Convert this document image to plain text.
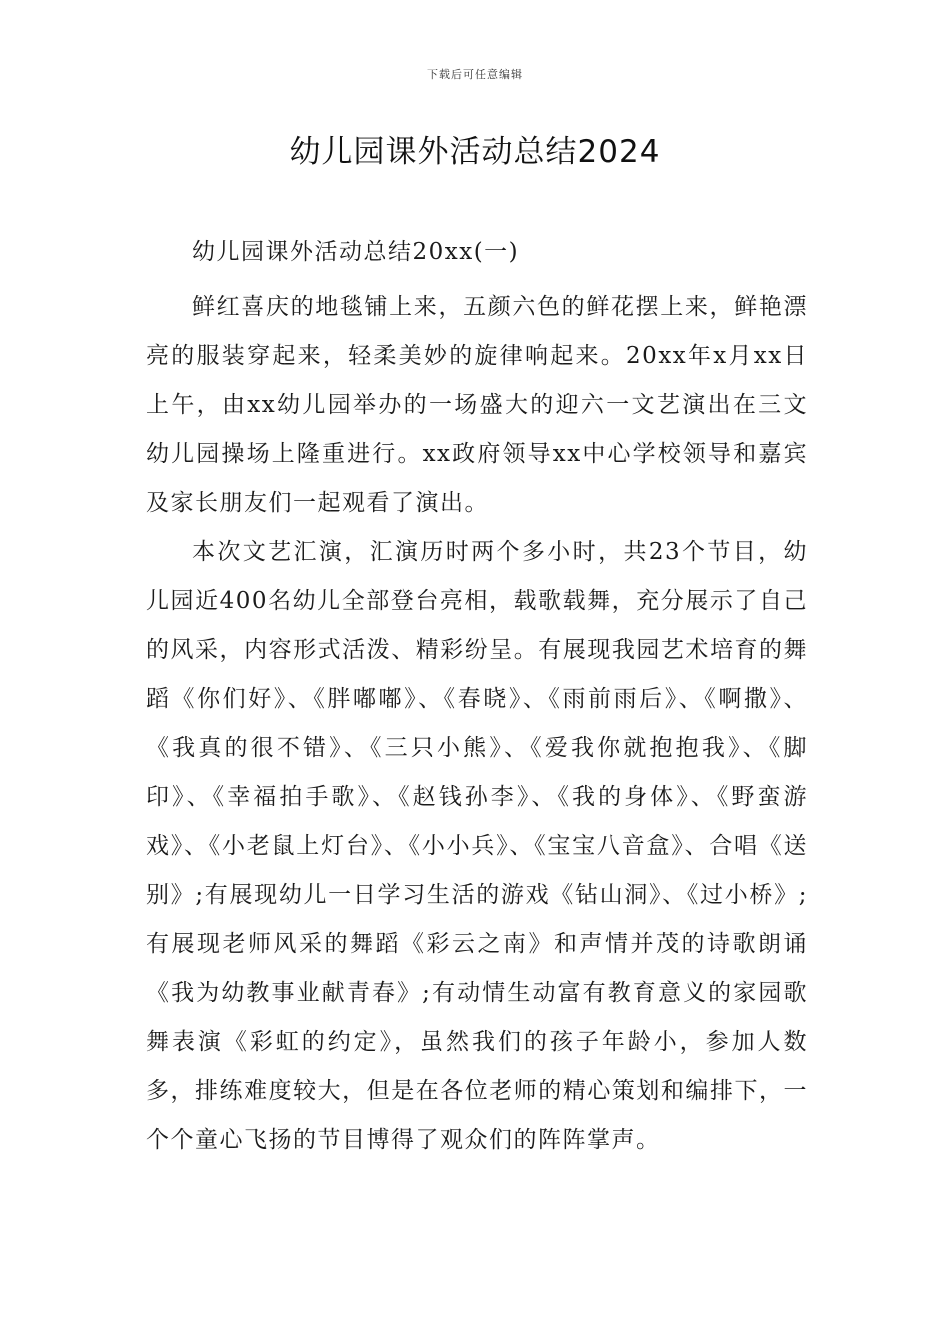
下载后可任意编辑
幼儿园课外活动总结2024

幼儿园课外活动总结20xx(一)

鲜红喜庆的地毯铺上来，五颜六色的鲜花摆上来，鲜艳漂亮的服装穿起来，轻柔美妙的旋律响起来。20xx年x月xx日上午，由xx幼儿园举办的一场盛大的迎六一文艺演出在三文幼儿园操场上隆重进行。xx政府领导xx中心学校领导和嘉宾及家长朋友们一起观看了演出。

本次文艺汇演，汇演历时两个多小时，共23个节目，幼儿园近400名幼儿全部登台亮相，载歌载舞，充分展示了自己的风采，内容形式活泼、精彩纷呈。有展现我园艺术培育的舞蹈《你们好》、《胖嘟嘟》、《春晓》、《雨前雨后》、《啊撒》、《我真的很不错》、《三只小熊》、《爱我你就抱抱我》、《脚印》、《幸福拍手歌》、《赵钱孙李》、《我的身体》、《野蛮游戏》、《小老鼠上灯台》、《小小兵》、《宝宝八音盒》、合唱《送别》;有展现幼儿一日学习生活的游戏《钻山洞》、《过小桥》;有展现老师风采的舞蹈《彩云之南》和声情并茂的诗歌朗诵《我为幼教事业献青春》;有动情生动富有教育意义的家园歌舞表演《彩虹的约定》，虽然我们的孩子年龄小，参加人数多，排练难度较大，但是在各位老师的精心策划和编排下，一个个童心飞扬的节目博得了观众们的阵阵掌声。
